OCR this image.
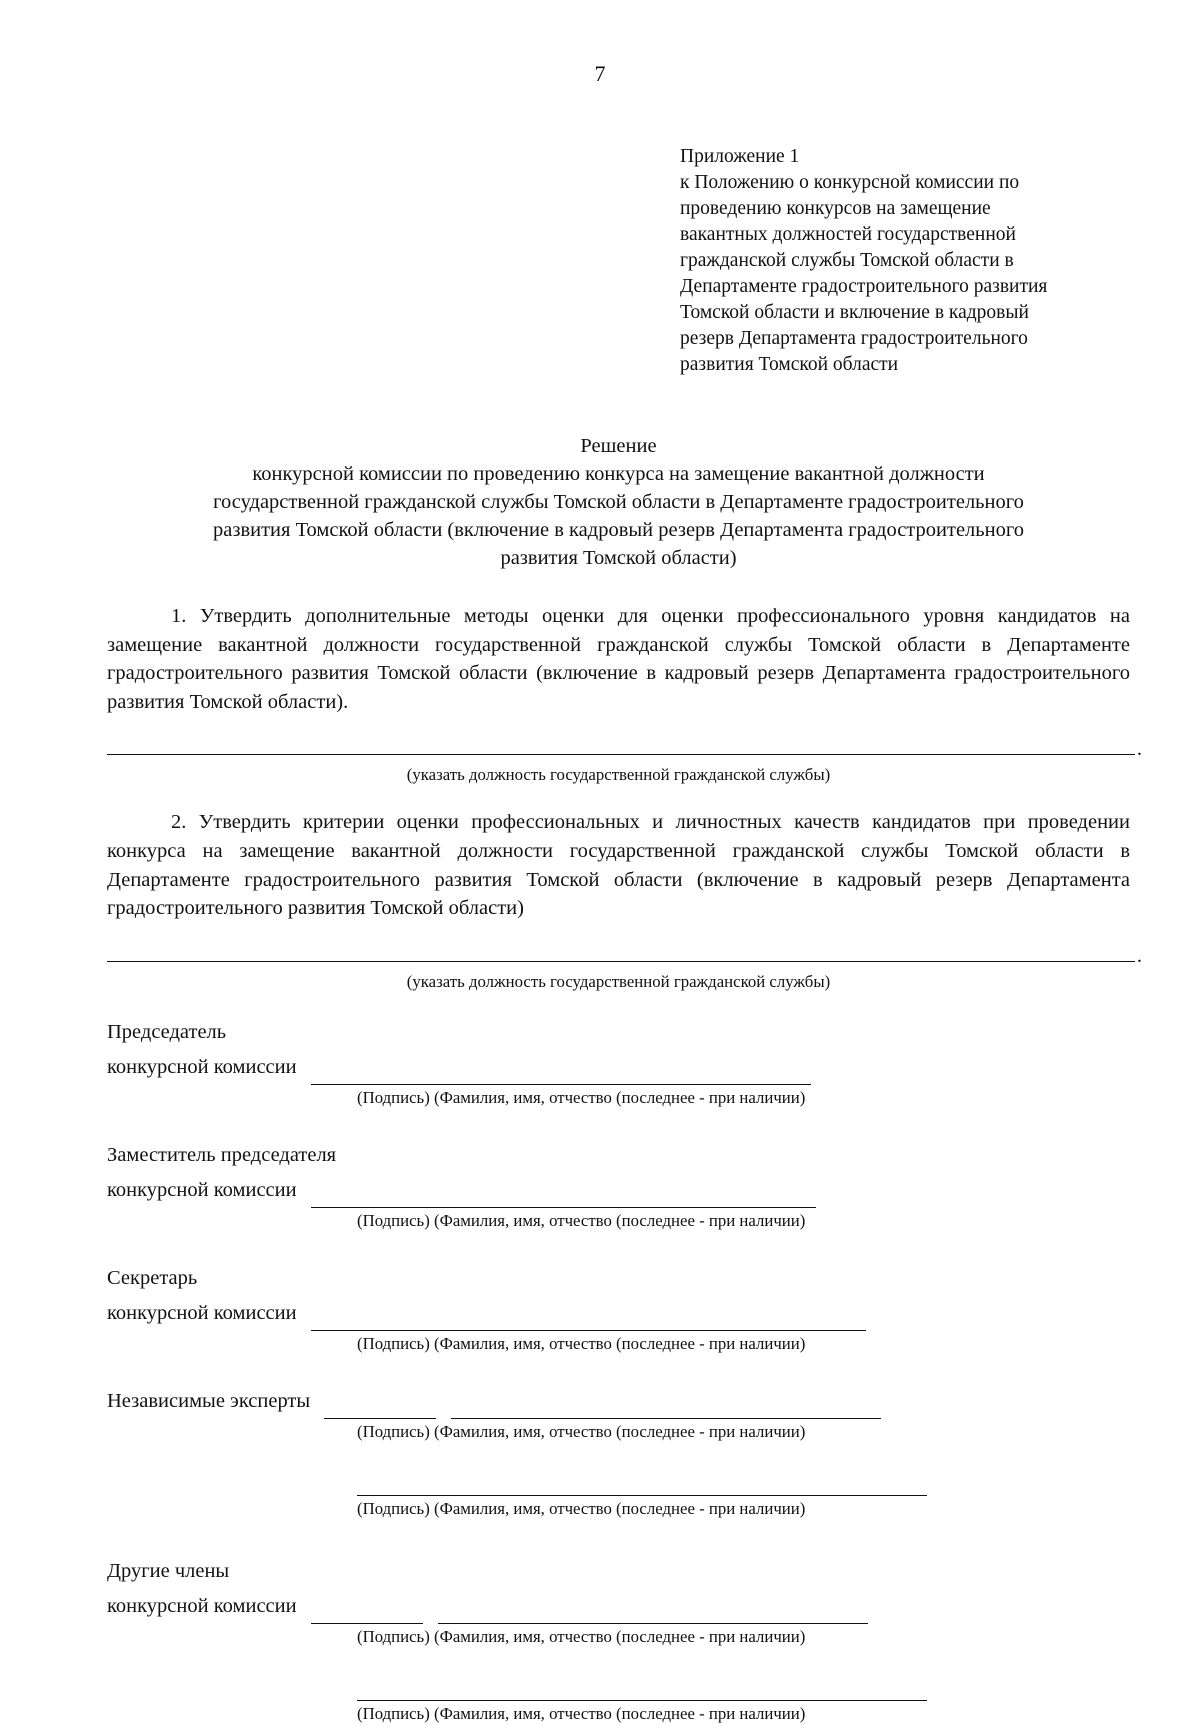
7
Приложение 1
к Положению о конкурсной комиссии по
проведению конкурсов на замещение
вакантных должностей государственной
гражданской службы Томской области в
Департаменте градостроительного развития
Томской области и включение в кадровый
резерв Департамента градостроительного
развития Томской области
Решение
конкурсной комиссии по проведению конкурса на замещение вакантной должности
государственной гражданской службы Томской области в Департаменте градостроительного
развития Томской области (включение в кадровый резерв Департамента градостроительного
развития Томской области)

1. Утвердить дополнительные методы оценки для оценки профессионального уровня кандидатов на замещение вакантной должности государственной гражданской службы Томской области в Департаменте градостроительного развития Томской области (включение в кадровый резерв Департамента градостроительного развития Томской области).

.
(указать должность государственной гражданской службы)

2. Утвердить критерии оценки профессиональных и личностных качеств кандидатов при проведении конкурса на замещение вакантной должности государственной гражданской службы Томской области в Департаменте градостроительного развития Томской области (включение в кадровый резерв Департамента градостроительного развития Томской области)

.
(указать должность государственной гражданской службы)
Председатель
конкурсной комиссии
(Подпись) (Фамилия, имя, отчество (последнее - при наличии)
Заместитель председателя
конкурсной комиссии
(Подпись) (Фамилия, имя, отчество (последнее - при наличии)
Секретарь
конкурсной комиссии
(Подпись) (Фамилия, имя, отчество (последнее - при наличии)
Независимые эксперты
(Подпись) (Фамилия, имя, отчество (последнее - при наличии)
(Подпись) (Фамилия, имя, отчество (последнее - при наличии)
Другие члены
конкурсной комиссии
(Подпись) (Фамилия, имя, отчество (последнее - при наличии)
(Подпись) (Фамилия, имя, отчество (последнее - при наличии)
